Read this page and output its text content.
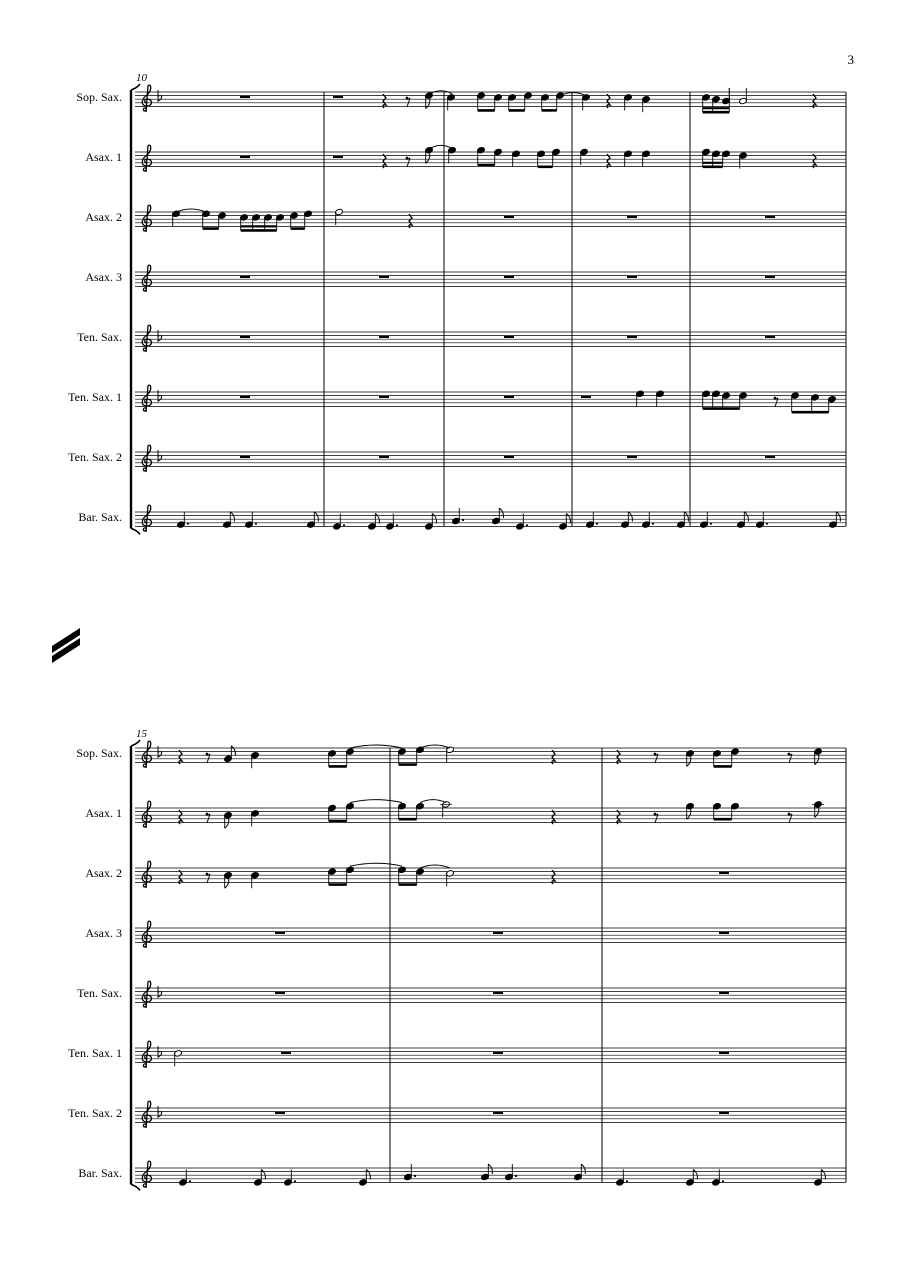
3
10
15
Sop. Sax.
Asax. 1
Asax. 2
Asax. 3
Ten. Sax.
Ten. Sax. 1
Ten. Sax. 2
Bar. Sax.
Sop. Sax.
Asax. 1
Asax. 2
Asax. 3
Ten. Sax.
Ten. Sax. 1
Ten. Sax. 2
Bar. Sax.
